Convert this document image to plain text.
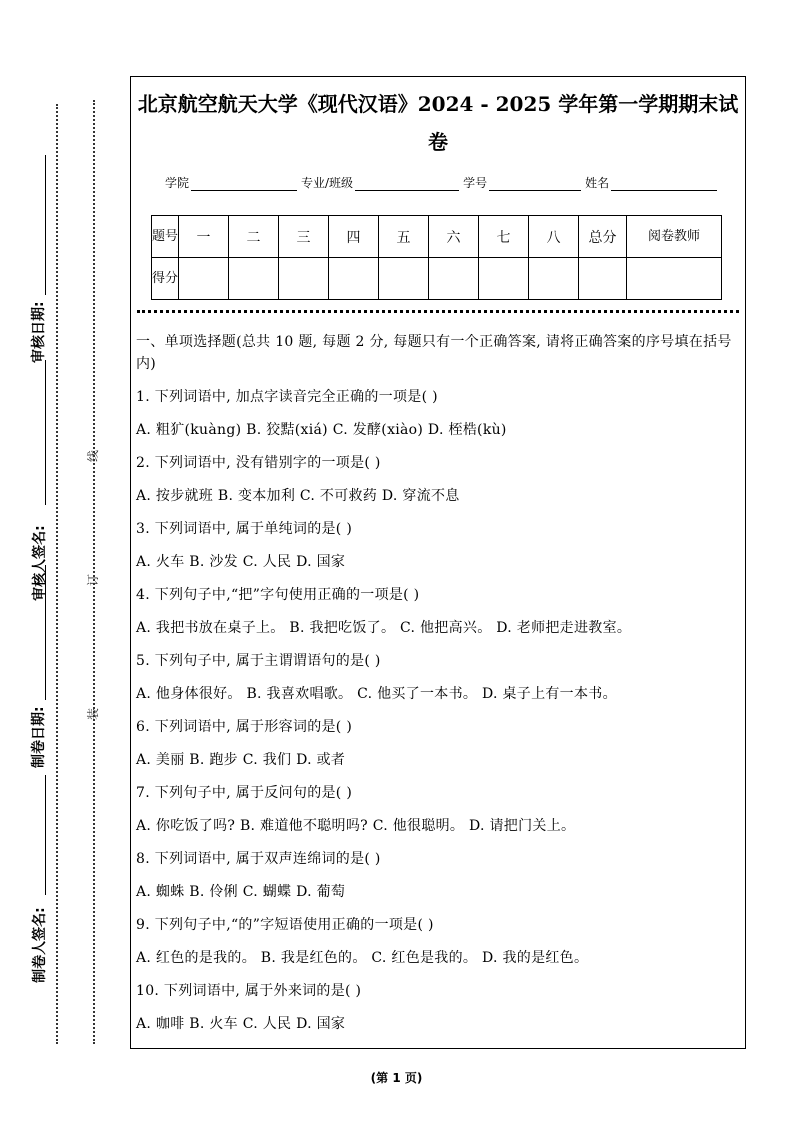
审核日期:
审核人签名:
制卷日期:
制卷人签名:
线
订
装
北京航空航天大学《现代汉语》2024 - 2025 学年第一学期期末试
卷
学院	专业/班级	学号	姓名
题号	一	二	三	四	五	六	七	八	总分	阅卷教师
得分										

一、单项选择题(总共 10 题, 每题 2 分, 每题只有一个正确答案, 请将正确答案的序号填在括号内)

1. 下列词语中, 加点字读音完全正确的一项是( )
A. 粗犷(kuàng) B. 狡黠(xiá) C. 发酵(xiào) D. 桎梏(kù)
2. 下列词语中, 没有错别字的一项是( )
A. 按步就班 B. 变本加利 C. 不可救药 D. 穿流不息
3. 下列词语中, 属于单纯词的是( )
A. 火车 B. 沙发 C. 人民 D. 国家
4. 下列句子中,“把”字句使用正确的一项是( )
A. 我把书放在桌子上。 B. 我把吃饭了。 C. 他把高兴。 D. 老师把走进教室。
5. 下列句子中, 属于主谓谓语句的是( )
A. 他身体很好。 B. 我喜欢唱歌。 C. 他买了一本书。 D. 桌子上有一本书。
6. 下列词语中, 属于形容词的是( )
A. 美丽 B. 跑步 C. 我们 D. 或者
7. 下列句子中, 属于反问句的是( )
A. 你吃饭了吗? B. 难道他不聪明吗? C. 他很聪明。 D. 请把门关上。
8. 下列词语中, 属于双声连绵词的是( )
A. 蜘蛛 B. 伶俐 C. 蝴蝶 D. 葡萄
9. 下列句子中,“的”字短语使用正确的一项是( )
A. 红色的是我的。 B. 我是红色的。 C. 红色是我的。 D. 我的是红色。
10. 下列词语中, 属于外来词的是( )
A. 咖啡 B. 火车 C. 人民 D. 国家
(第 1 页)
